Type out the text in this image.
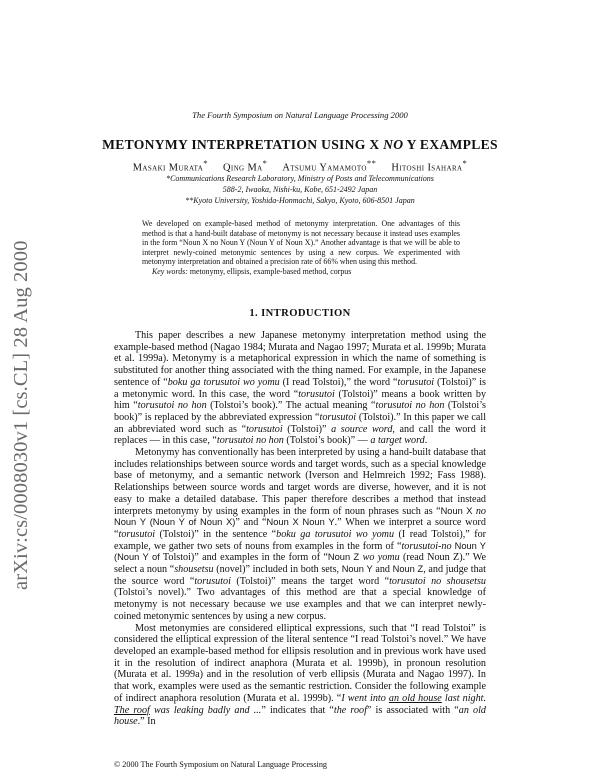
arXiv:cs/0008030v1 [cs.CL] 28 Aug 2000
The Fourth Symposium on Natural Language Processing 2000
METONYMY INTERPRETATION USING X NO Y EXAMPLES
Masaki Murata* Qing Ma* Atsumu Yamamoto** Hitoshi Isahara*
*Communications Research Laboratory, Ministry of Posts and Telecommunications
588-2, Iwaoka, Nishi-ku, Kobe, 651-2492 Japan
**Kyoto University, Yoshida-Honmachi, Sakyo, Kyoto, 606-8501 Japan
We developed on example-based method of metonymy interpretation. One advantages of this method is that a hand-built database of metonymy is not necessary because it instead uses examples in the form “Noun X no Noun Y (Noun Y of Noun X).” Another advantage is that we will be able to interpret newly-coined metonymic sentences by using a new corpus. We experimented with metonymy interpretation and obtained a precision rate of 66% when using this method.
Key words: metonymy, ellipsis, example-based method, corpus
1. INTRODUCTION

This paper describes a new Japanese metonymy interpretation method using the example-based method (Nagao 1984; Murata and Nagao 1997; Murata et al. 1999b; Murata et al. 1999a). Metonymy is a metaphorical expression in which the name of something is substituted for another thing associated with the thing named. For example, in the Japanese sentence of “boku ga torusutoi wo yomu (I read Tolstoi),” the word “torusutoi (Tolstoi)” is a metonymic word. In this case, the word “torusutoi (Tolstoi)” means a book written by him “torusutoi no hon (Tolstoi’s book).” The actual meaning “torusutoi no hon (Tolstoi’s book)” is replaced by the abbreviated expression “torusutoi (Tolstoi).” In this paper we call an abbreviated word such as “torusutoi (Tolstoi)” a source word, and call the word it replaces — in this case, “torusutoi no hon (Tolstoi’s book)” — a target word.

Metonymy has conventionally has been interpreted by using a hand-built database that includes relationships between source words and target words, such as a special knowledge base of metonymy, and a semantic network (Iverson and Helmreich 1992; Fass 1988). Relationships between source words and target words are diverse, however, and it is not easy to make a detailed database. This paper therefore describes a method that instead interprets metonymy by using examples in the form of noun phrases such as “Noun X no Noun Y (Noun Y of Noun X)” and “Noun X Noun Y.” When we interpret a source word “torusutoi (Tolstoi)” in the sentence “boku ga torusutoi wo yomu (I read Tolstoi),” for example, we gather two sets of nouns from examples in the form of “torusutoi-no Noun Y (Noun Y of Tolstoi)” and examples in the form of “Noun Z wo yomu (read Noun Z).” We select a noun “shousetsu (novel)” included in both sets, Noun Y and Noun Z, and judge that the source word “torusutoi (Tolstoi)” means the target word “torusutoi no shousetsu (Tolstoi’s novel).” Two advantages of this method are that a special knowledge of metonymy is not necessary because we use examples and that we can interpret newly-coined metonymic sentences by using a new corpus.

Most metonymies are considered elliptical expressions, such that “I read Tolstoi” is considered the elliptical expression of the literal sentence “I read Tolstoi’s novel.” We have developed an example-based method for ellipsis resolution and in previous work have used it in the resolution of indirect anaphora (Murata et al. 1999b), in pronoun resolution (Murata et al. 1999a) and in the resolution of verb ellipsis (Murata and Nagao 1997). In that work, examples were used as the semantic restriction. Consider the following example of indirect anaphora resolution (Murata et al. 1999b). “I went into an old house last night. The roof was leaking badly and ...” indicates that “the roof” is associated with “an old house.” In

© 2000 The Fourth Symposium on Natural Language Processing
